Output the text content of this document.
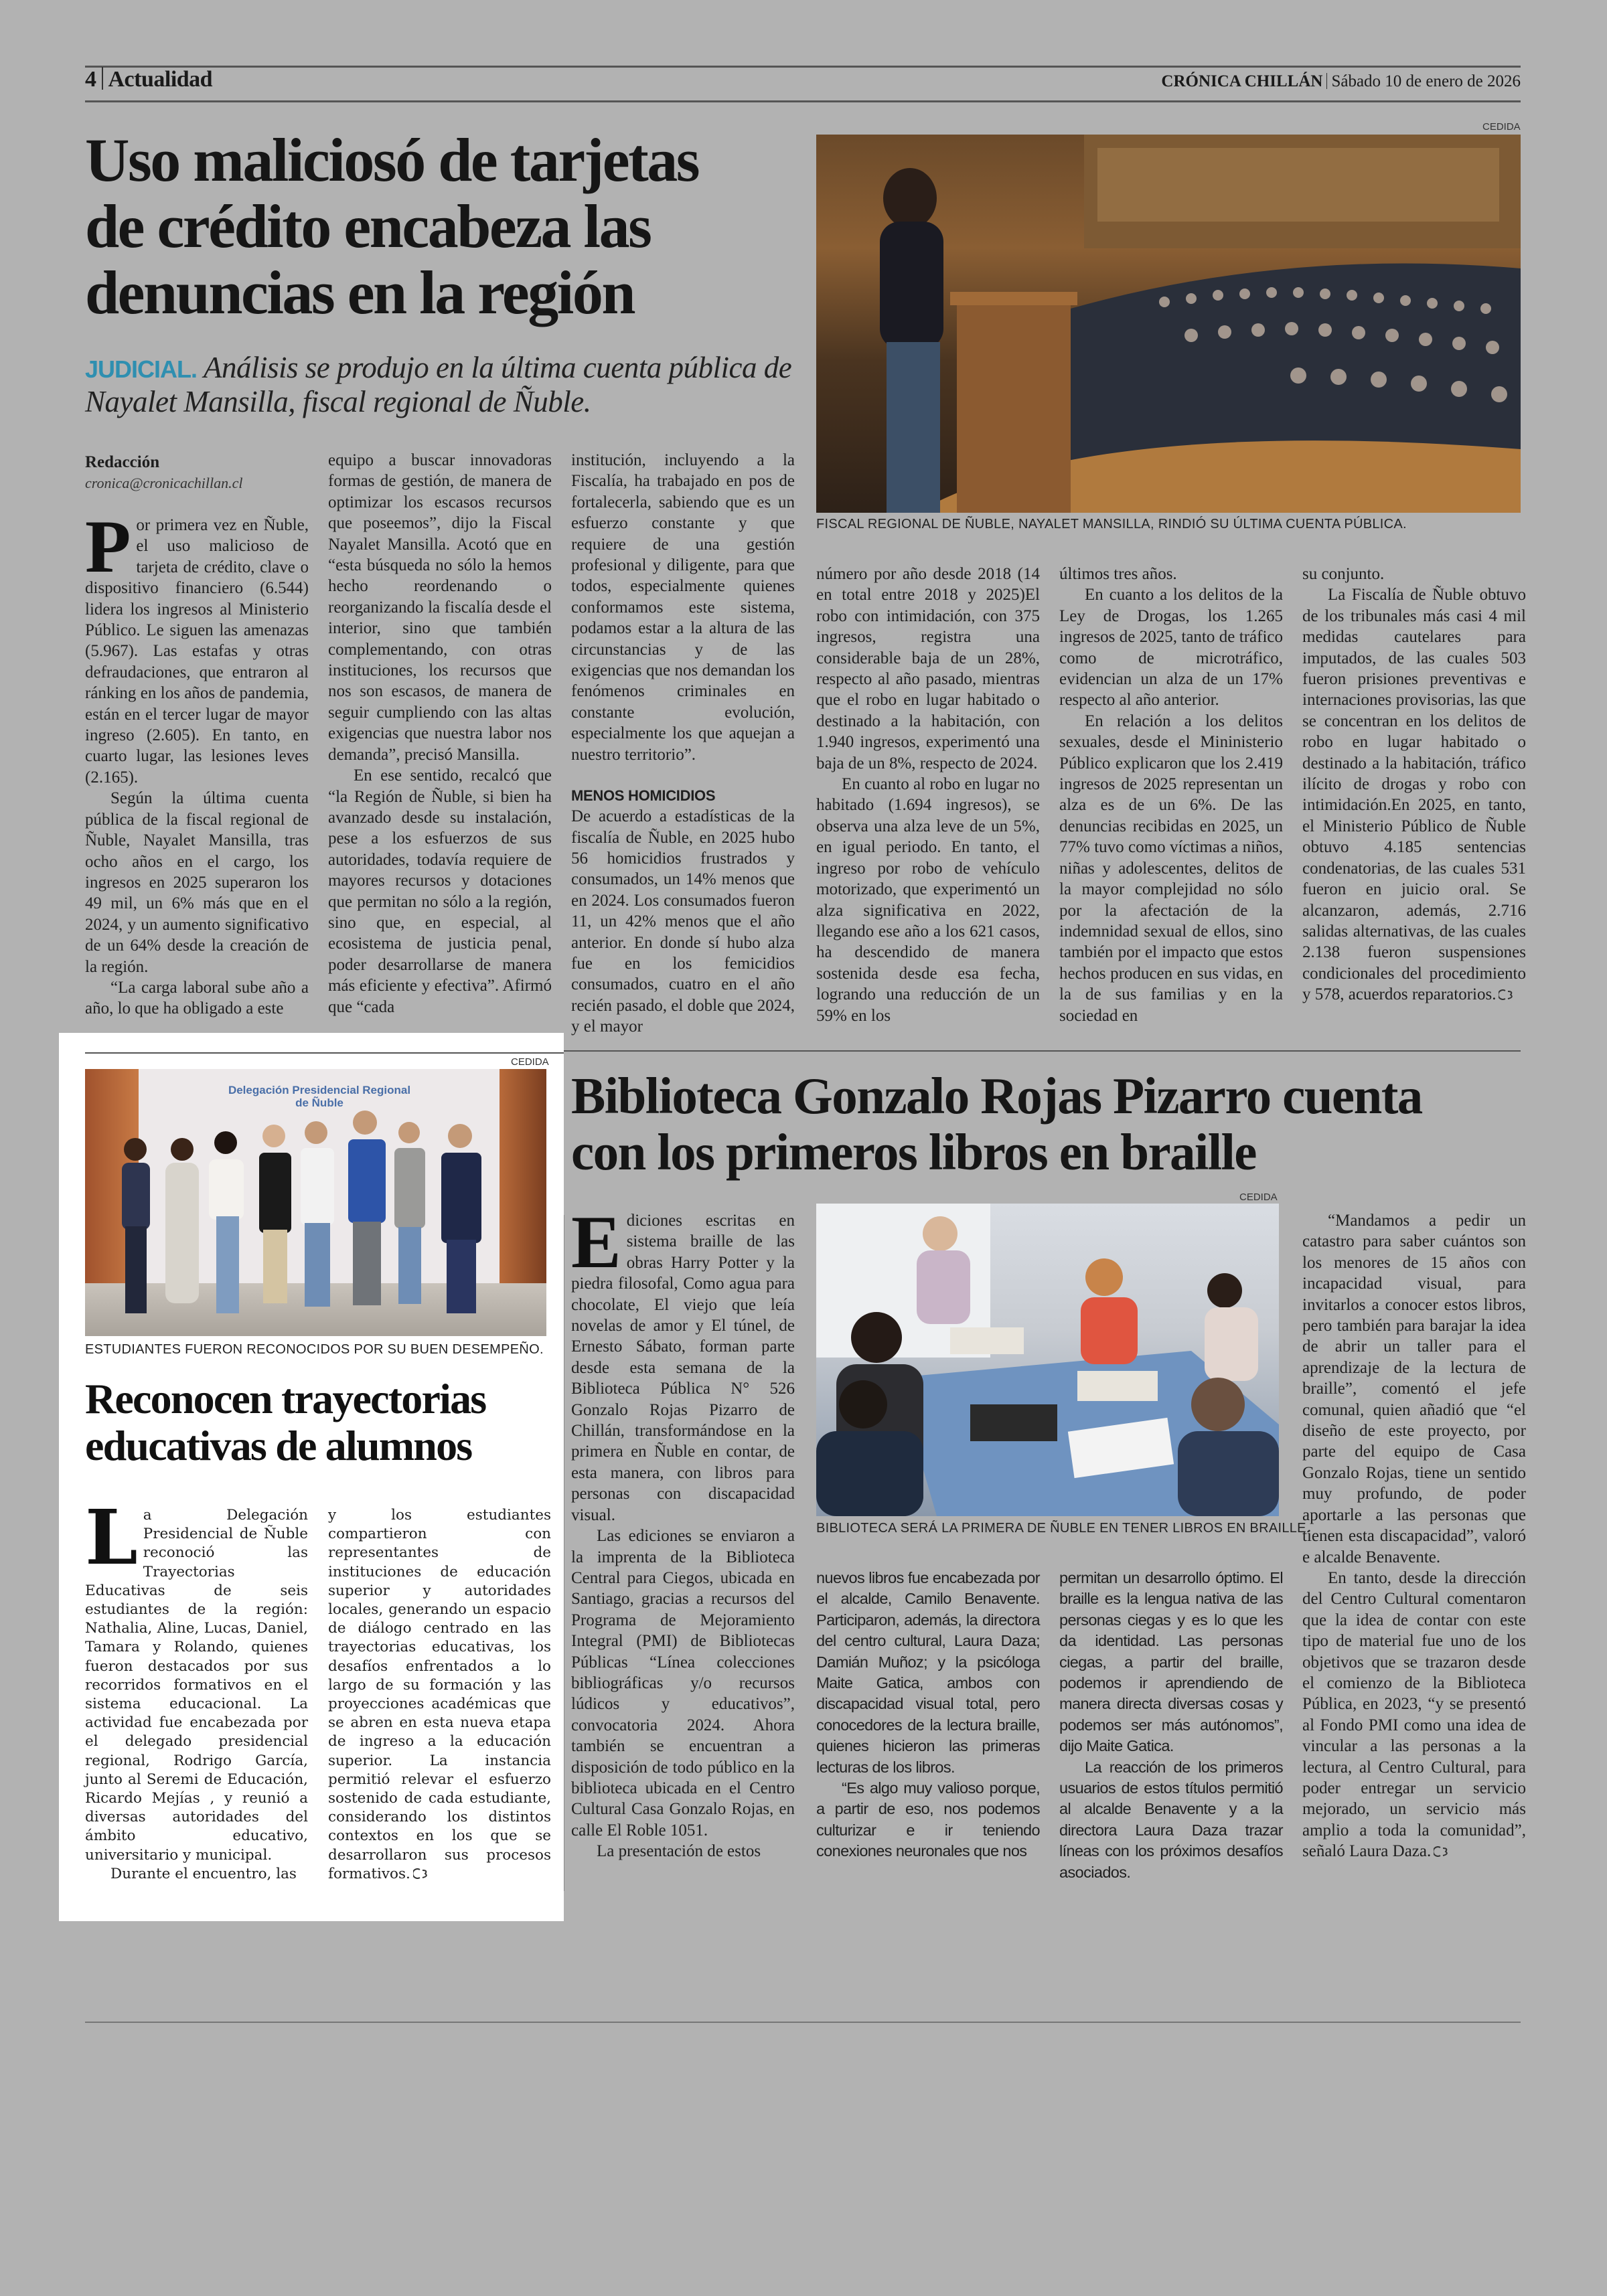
4 Actualidad	CRÓNICA CHILLÁN Sábado 10 de enero de 2026
Uso maliciosó de tarjetas
de crédito encabeza las
denuncias en la región
JUDICIAL. Análisis se produjo en la última cuenta pública de Nayalet Mansilla, fiscal regional de Ñuble.
CEDIDA
FISCAL REGIONAL DE ÑUBLE, NAYALET MANSILLA, RINDIÓ SU ÚLTIMA CUENTA PÚBLICA.
Redacción
cronica@cronicachillan.cl

Por primera vez en Ñuble, el uso malicioso de tarjeta de crédito, clave o dispositivo financiero (6.544) lidera los ingresos al Ministerio Público. Le siguen las amenazas (5.967). Las estafas y otras defraudaciones, que entraron al ránking en los años de pandemia, están en el tercer lugar de mayor ingreso (2.605). En tanto, en cuarto lugar, las lesiones leves (2.165).

Según la última cuenta pública de la fiscal regional de Ñuble, Nayalet Mansilla, tras ocho años en el cargo, los ingresos en 2025 superaron los 49 mil, un 6% más que en el 2024, y un aumento significativo de un 64% desde la creación de la región.

“La carga laboral sube año a año, lo que ha obligado a este

equipo a buscar innovadoras formas de gestión, de manera de optimizar los escasos recursos que poseemos”, dijo la Fiscal Nayalet Mansilla. Acotó que en “esta búsqueda no sólo la hemos hecho reordenando o reorganizando la fiscalía desde el interior, sino que también complementando, con otras instituciones, los recursos que nos son escasos, de manera de seguir cumpliendo con las altas exigencias que nuestra labor nos demanda”, precisó Mansilla.

En ese sentido, recalcó que “la Región de Ñuble, si bien ha avanzado desde su instalación, pese a los esfuerzos de sus autoridades, todavía requiere de mayores recursos y dotaciones que permitan no sólo a la región, sino que, en especial, al ecosistema de justicia penal, poder desarrollarse de manera más eficiente y efectiva”. Afirmó que “cada

institución, incluyendo a la Fiscalía, ha trabajado en pos de fortalecerla, sabiendo que es un esfuerzo constante y que requiere de una gestión profesional y diligente, para que todos, especialmente quienes conformamos este sistema, podamos estar a la altura de las circunstancias y de las exigencias que nos demandan los fenómenos criminales en constante evolución, especialmente los que aquejan a nuestro territorio”.

MENOS HOMICIDIOS

De acuerdo a estadísticas de la fiscalía de Ñuble, en 2025 hubo 56 homicidios frustrados y consumados, un 14% menos que en 2024. Los consumados fueron 11, un 42% menos que el año anterior. En donde sí hubo alza fue en los femicidios consumados, cuatro en el año recién pasado, el doble que 2024, y el mayor

número por año desde 2018 (14 en total entre 2018 y 2025)El robo con intimidación, con 375 ingresos, registra una considerable baja de un 28%, respecto al año pasado, mientras que el robo en lugar habitado o destinado a la habitación, con 1.940 ingresos, experimentó una baja de un 8%, respecto de 2024.

En cuanto al robo en lugar no habitado (1.694 ingresos), se observa una alza leve de un 5%, en igual periodo. En tanto, el ingreso por robo de vehículo motorizado, que experimentó un alza significativa en 2022, llegando ese año a los 621 casos, ha descendido de manera sostenida desde esa fecha, logrando una reducción de un 59% en los

últimos tres años.

En cuanto a los delitos de la Ley de Drogas, los 1.265 ingresos de 2025, tanto de tráfico como de microtráfico, evidencian un alza de un 17% respecto al año anterior.

En relación a los delitos sexuales, desde el Mininisterio Público explicaron que los 2.419 ingresos de 2025 representan un alza es de un 6%. De las denuncias recibidas en 2025, un 77% tuvo como víctimas a niños, niñas y adolescentes, delitos de la mayor complejidad no sólo por la afectación de la indemnidad sexual de ellos, sino también por el impacto que estos hechos producen en sus vidas, en la de sus familias y en la sociedad en

su conjunto.

La Fiscalía de Ñuble obtuvo de los tribunales más casi 4 mil medidas cautelares para imputados, de las cuales 503 fueron prisiones preventivas e internaciones provisorias, las que se concentran en los delitos de robo en lugar habitado o destinado a la habitación, tráfico ilícito de drogas y robo con intimidación.En 2025, en tanto, el Ministerio Público de Ñuble obtuvo 4.185 sentencias condenatorias, de las cuales 531 fueron en juicio oral. Se alcanzaron, además, 2.716 salidas alternativas, de las cuales 2.138 fueron suspensiones condicionales del procedimiento y 578, acuerdos reparatorios.

CEDIDA
Delegación Presidencial Regional
de Ñuble
ESTUDIANTES FUERON RECONOCIDOS POR SU BUEN DESEMPEÑO.
Reconocen trayectorias
educativas de alumnos

La Delegación Presidencial de Ñuble reconoció las Trayectorias Educativas de seis estudiantes de la región: Nathalia, Aline, Lucas, Daniel, Tamara y Rolando, quienes fueron destacados por sus recorridos formativos en el sistema educacional. La actividad fue encabezada por el delegado presidencial regional, Rodrigo García, junto al Seremi de Educación, Ricardo Mejías , y reunió a diversas autoridades del ámbito educativo, universitario y municipal.

Durante el encuentro, las

y los estudiantes compartieron con representantes de instituciones de educación superior y autoridades locales, generando un espacio de diálogo centrado en las trayectorias educativas, los desafíos enfrentados a lo largo de su formación y las proyecciones académicas que se abren en esta nueva etapa de ingreso a la educación superior. La instancia permitió relevar el esfuerzo sostenido de cada estudiante, considerando los distintos contextos en los que se desarrollaron sus procesos formativos.

Biblioteca Gonzalo Rojas Pizarro cuenta
con los primeros libros en braille
CEDIDA
BIBLIOTECA SERÁ LA PRIMERA DE ÑUBLE EN TENER LIBROS EN BRAILLE.

Ediciones escritas en sistema braille de las obras Harry Potter y la piedra filosofal, Como agua para chocolate, El viejo que leía novelas de amor y El túnel, de Ernesto Sábato, forman parte desde esta semana de la Biblioteca Pública N° 526 Gonzalo Rojas Pizarro de Chillán, transformándose en la primera en Ñuble en contar, de esta manera, con libros para personas con discapacidad visual.

Las ediciones se enviaron a la imprenta de la Biblioteca Central para Ciegos, ubicada en Santiago, gracias a recursos del Programa de Mejoramiento Integral (PMI) de Bibliotecas Públicas “Línea colecciones bibliográficas y/o recursos lúdicos y educativos”, convocatoria 2024. Ahora también se encuentran a disposición de todo público en la biblioteca ubicada en el Centro Cultural Casa Gonzalo Rojas, en calle El Roble 1051.

La presentación de estos

nuevos libros fue encabezada por el alcalde, Camilo Benavente. Participaron, además, la directora del centro cultural, Laura Daza; Damián Muñoz; y la psicóloga Maite Gatica, ambos con discapacidad visual total, pero conocedores de la lectura braille, quienes hicieron las primeras lecturas de los libros.

“Es algo muy valioso porque, a partir de eso, nos podemos culturizar e ir teniendo conexiones neuronales que nos

permitan un desarrollo óptimo. El braille es la lengua nativa de las personas ciegas y es lo que les da identidad. Las personas ciegas, a partir del braille, podemos ir aprendiendo de manera directa diversas cosas y podemos ser más autónomos”, dijo Maite Gatica.

La reacción de los primeros usuarios de estos títulos permitió al alcalde Benavente y a la directora Laura Daza trazar líneas con los próximos desafíos asociados.

“Mandamos a pedir un catastro para saber cuántos son los menores de 15 años con incapacidad visual, para invitarlos a conocer estos libros, pero también para barajar la idea de abrir un taller para el aprendizaje de la lectura de braille”, comentó el jefe comunal, quien añadió que “el diseño de este proyecto, por parte del equipo de Casa Gonzalo Rojas, tiene un sentido muy profundo, de poder aportarle a las personas que tienen esta discapacidad”, valoró e alcalde Benavente.

En tanto, desde la dirección del Centro Cultural comentaron que la idea de contar con este tipo de material fue uno de los objetivos que se trazaron desde el comienzo de la Biblioteca Pública, en 2023, “y se presentó al Fondo PMI como una idea de vincular a las personas a la lectura, al Centro Cultural, para poder entregar un servicio mejorado, un servicio más amplio a toda la comunidad”, señaló Laura Daza.
